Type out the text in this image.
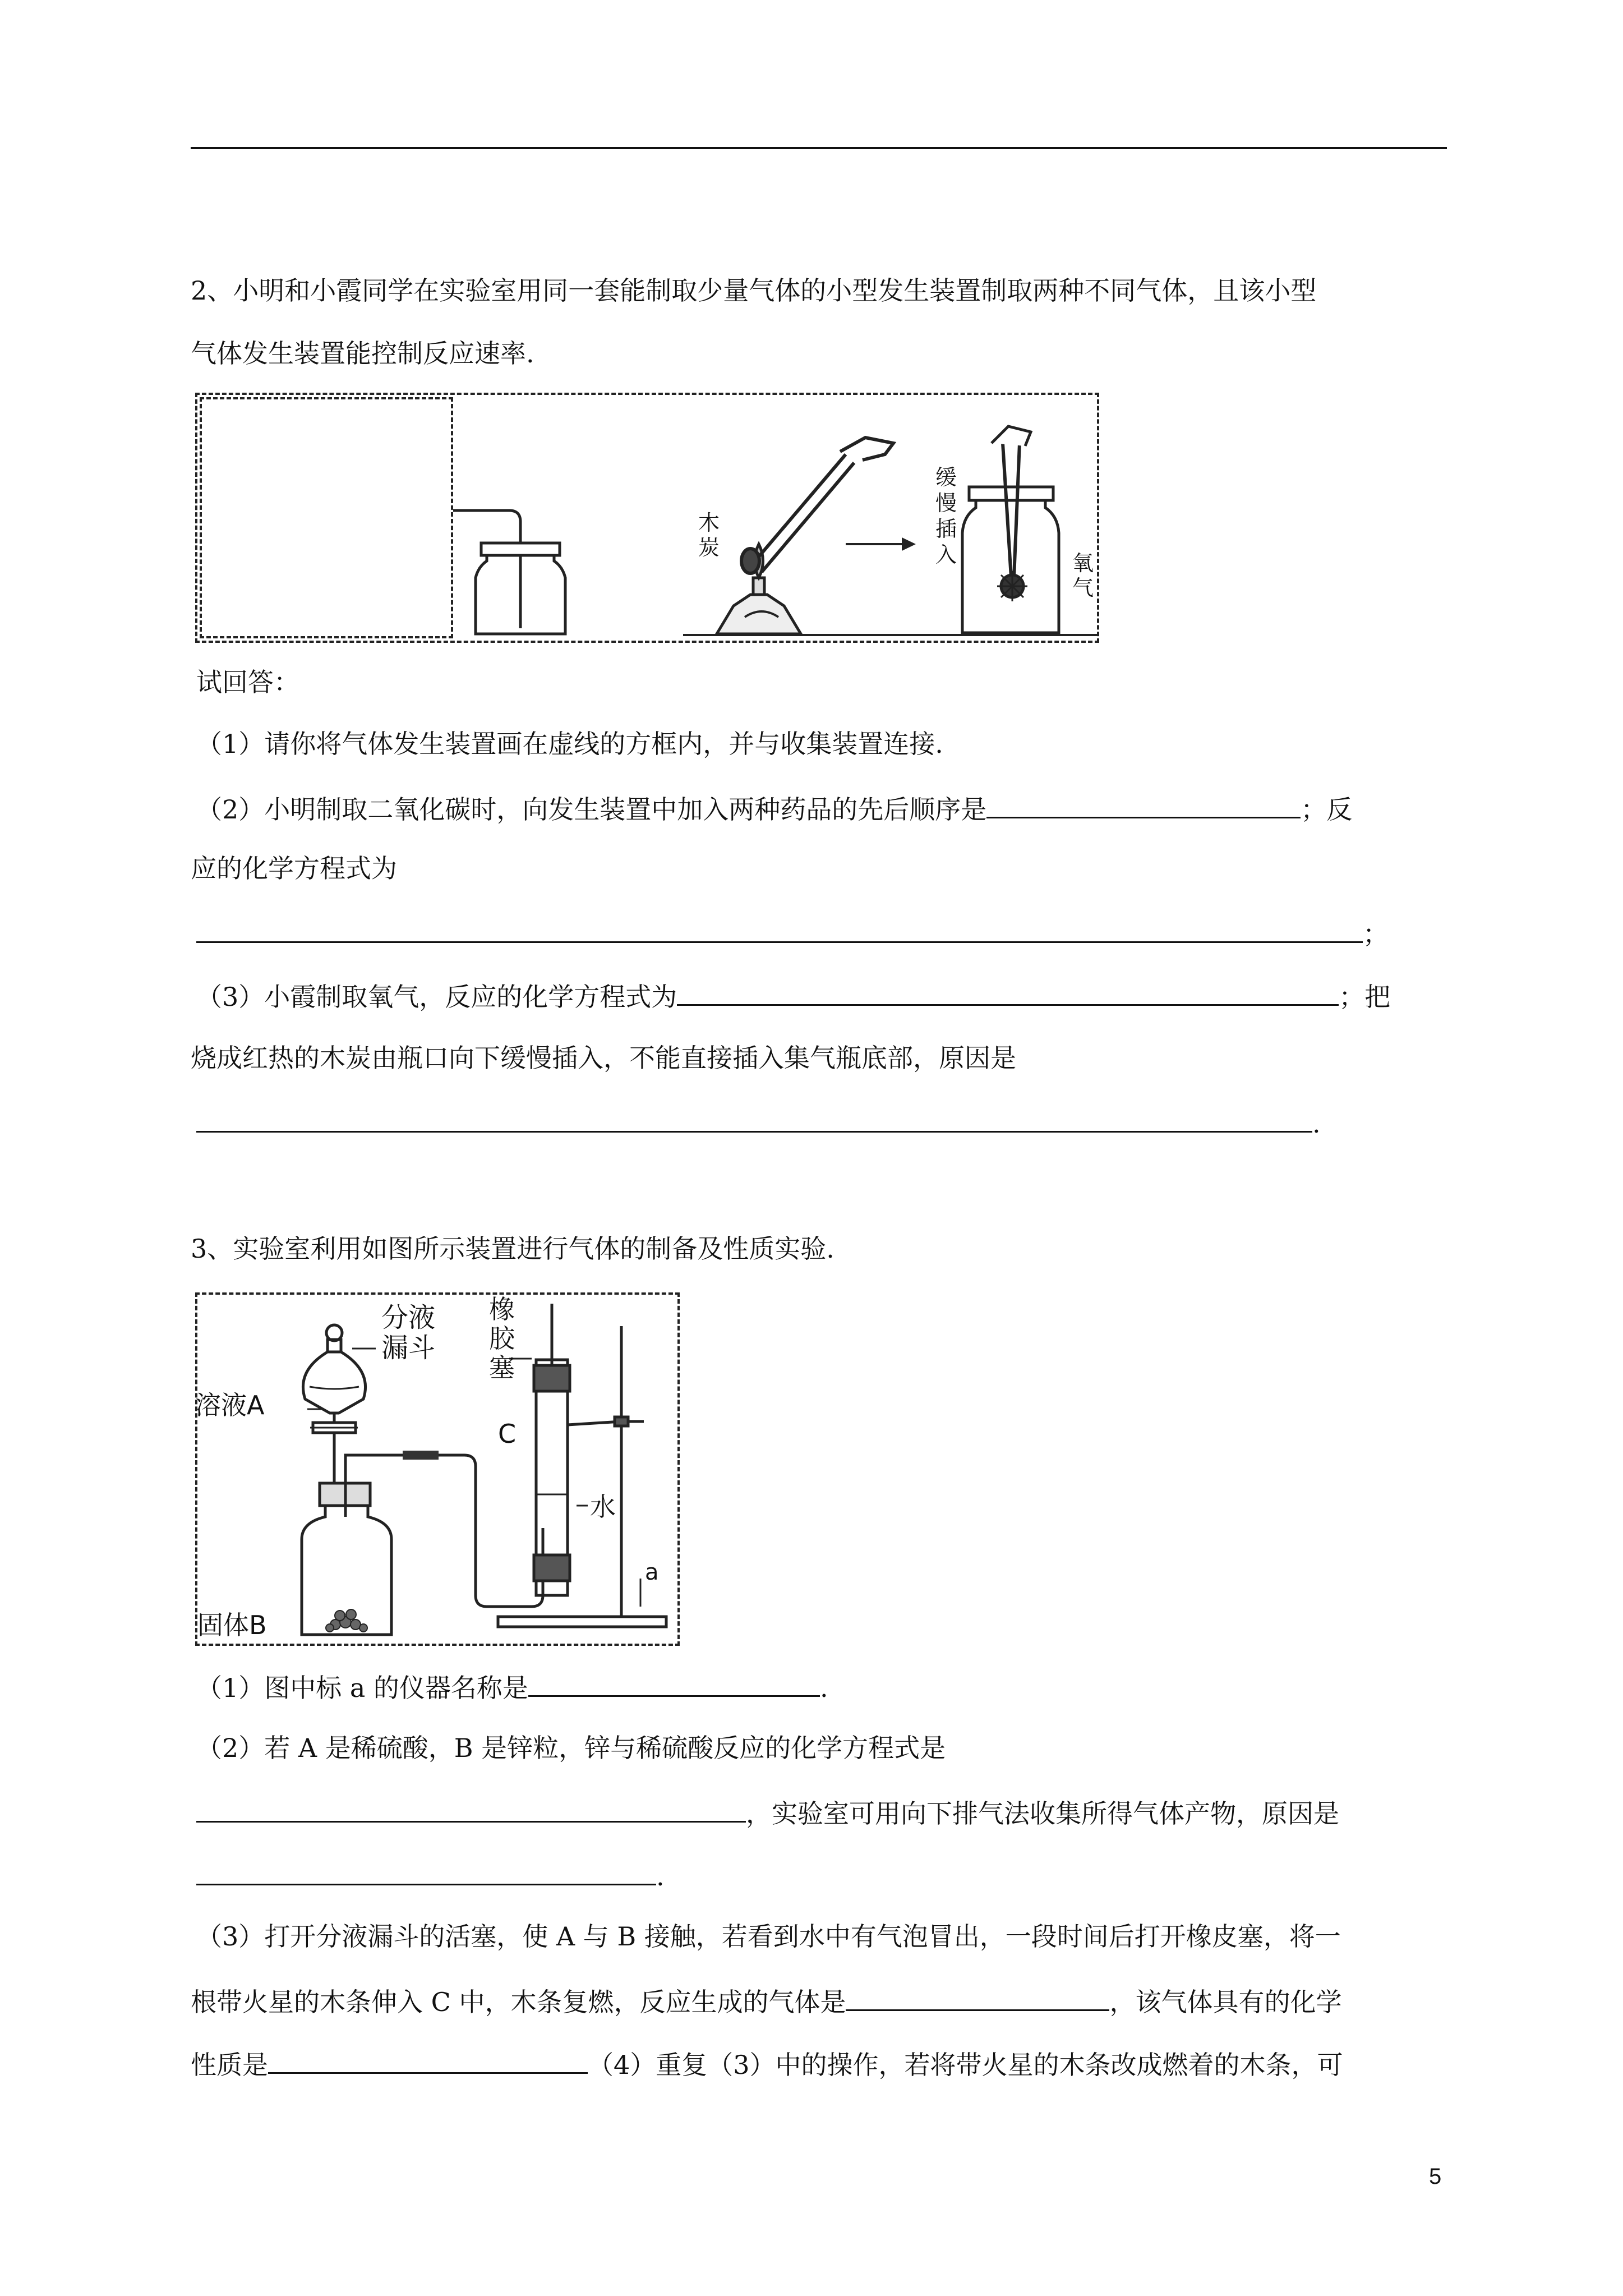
2、小明和小霞同学在实验室用同一套能制取少量气体的小型发生装置制取两种不同气体，且该小型
气体发生装置能控制反应速率.
木
炭
缓
慢
插
入	氧
气
试回答：
（1）请你将气体发生装置画在虚线的方框内，并与收集装置连接.
（2）小明制取二氧化碳时，向发生装置中加入两种药品的先后顺序是	；反
应的化学方程式为
；
（3）小霞制取氧气，反应的化学方程式为	；把
烧成红热的木炭由瓶口向下缓慢插入，不能直接插入集气瓶底部，原因是
.
3、实验室利用如图所示装置进行气体的制备及性质实验.
分液
漏斗
溶液A
橡
胶
塞
C
水
a
固体B
（1）图中标 a 的仪器名称是	.
（2）若 A 是稀硫酸，B 是锌粒，锌与稀硫酸反应的化学方程式是
，实验室可用向下排气法收集所得气体产物，原因是
.
（3）打开分液漏斗的活塞，使 A 与 B 接触，若看到水中有气泡冒出，一段时间后打开橡皮塞，将一
根带火星的木条伸入 C 中，木条复燃，反应生成的气体是	，该气体具有的化学
性质是	（4）重复（3）中的操作，若将带火星的木条改成燃着的木条，可
5
